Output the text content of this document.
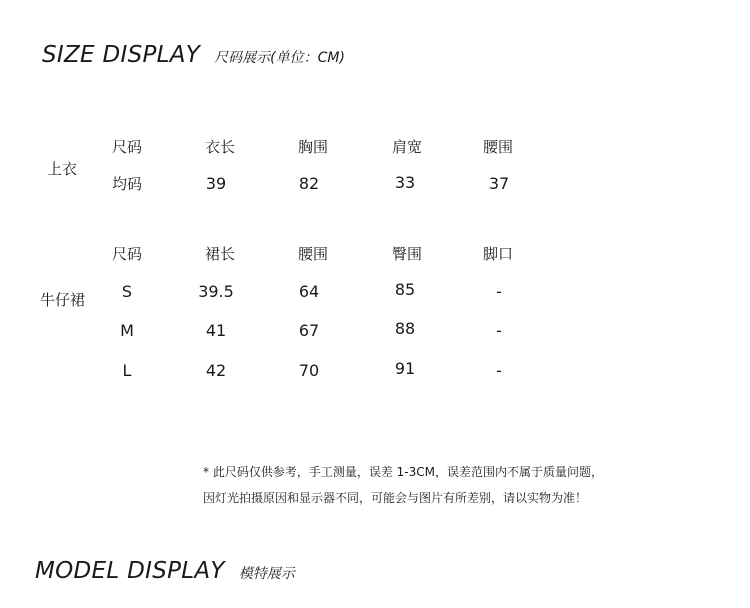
SIZE DISPLAY 尺码展示(单位：CM)
上衣
尺码	衣长	胸围	肩宽	腰围
均码	39	82	33	37
牛仔裙
尺码	裙长	腰围	臀围	脚口
S	39.5	64	85	-
M	41	67	88	-
L	42	70	91	-
* 此尺码仅供参考，手工测量，误差 1-3CM，误差范围内不属于质量问题，
因灯光拍摄原因和显示器不同，可能会与图片有所差别，请以实物为准！
MODEL DISPLAY 模特展示
